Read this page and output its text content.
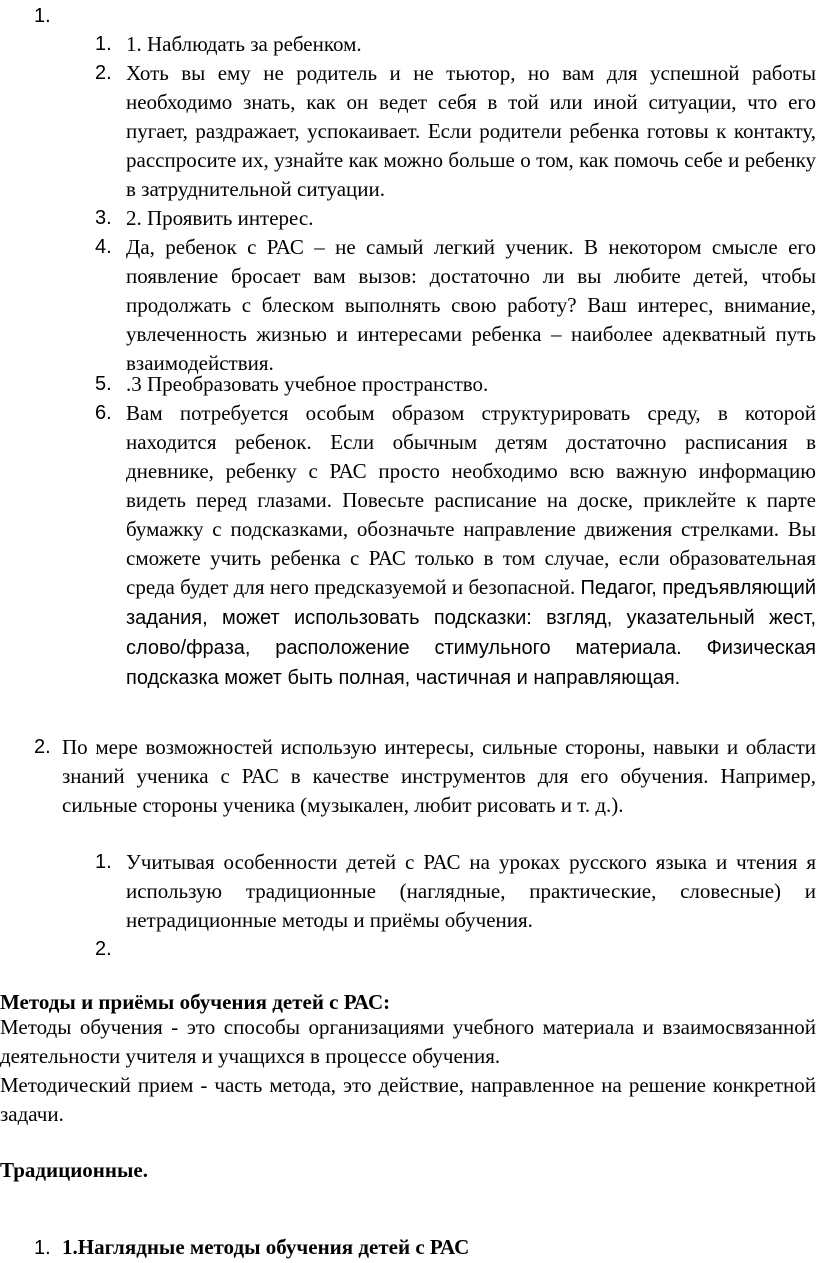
1.
1. 1. Наблюдать за ребенком.

2. Хоть вы ему не родитель и не тьютор, но вам для успешной работы необходимо знать, как он ведет себя в той или иной ситуации, что его пугает, раздражает, успокаивает. Если родители ребенка готовы к контакту, расспросите их, узнайте как можно больше о том, как помочь себе и ребенку в затруднительной ситуации.

3. 2. Проявить интерес.

4. Да, ребенок с РАС – не самый легкий ученик. В некотором смысле его появление бросает вам вызов: достаточно ли вы любите детей, чтобы продолжать с блеском выполнять свою работу? Ваш интерес, внимание, увлеченность жизнью и интересами ребенка – наиболее адекватный путь взаимодействия.

5. .3 Преобразовать учебное пространство.

6. Вам потребуется особым образом структурировать среду, в которой находится ребенок. Если обычным детям достаточно расписания в дневнике, ребенку с РАС просто необходимо всю важную информацию видеть перед глазами. Повесьте расписание на доске, приклейте к парте бумажку с подсказками, обозначьте направление движения стрелками. Вы сможете учить ребенка с РАС только в том случае, если образовательная среда будет для него предсказуемой и безопасной. Педагог, предъявляющий задания, может использовать подсказки: взгляд, указательный жест, слово/фраза, расположение стимульного материала. Физическая подсказка может быть полная, частичная и направляющая.

2. По мере возможностей использую интересы, сильные стороны, навыки и области знаний ученика с РАС в качестве инструментов для его обучения. Например, сильные стороны ученика (музыкален, любит рисовать и т. д.).

1. Учитывая особенности детей с РАС на уроках русского языка и чтения я использую традиционные (наглядные, практические, словесные) и нетрадиционные методы и приёмы обучения.

2.
Методы и приёмы обучения детей с РАС:

Методы обучения - это способы организациями учебного материала и взаимосвязанной деятельности учителя и учащихся в процессе обучения.

Методический прием - часть метода, это действие, направленное на решение конкретной задачи.

Традиционные.
1. 1.Наглядные методы обучения детей с РАС
